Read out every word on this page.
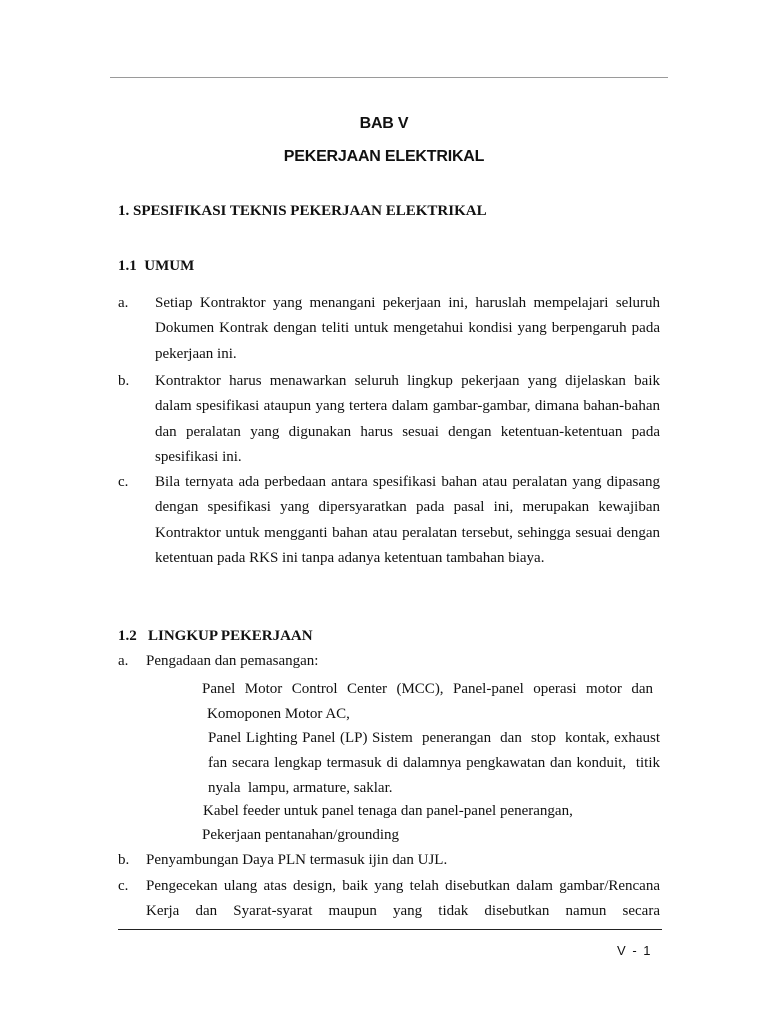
BAB V
PEKERJAAN ELEKTRIKAL
1. SPESIFIKASI TEKNIS PEKERJAAN ELEKTRIKAL
1.1  UMUM
a. Setiap Kontraktor yang menangani pekerjaan ini, haruslah mempelajari seluruh Dokumen Kontrak dengan teliti untuk mengetahui kondisi yang berpengaruh pada pekerjaan ini.
b. Kontraktor harus menawarkan seluruh lingkup pekerjaan yang dijelaskan baik dalam spesifikasi ataupun yang tertera dalam gambar-gambar, dimana bahan-bahan dan peralatan yang digunakan harus sesuai dengan ketentuan-ketentuan pada spesifikasi ini.
c. Bila ternyata ada perbedaan antara spesifikasi bahan atau peralatan yang dipasang dengan spesifikasi yang dipersyaratkan pada pasal ini, merupakan kewajiban Kontraktor untuk mengganti bahan atau peralatan tersebut, sehingga sesuai dengan ketentuan pada RKS ini tanpa adanya ketentuan tambahan biaya.
1.2   LINGKUP PEKERJAAN
a. Pengadaan dan pemasangan:
Panel Motor Control Center (MCC), Panel-panel operasi motor dan Komoponen Motor AC,
Panel Lighting Panel (LP) Sistem  penerangan  dan  stop  kontak, exhaust fan secara lengkap termasuk di dalamnya pengkawatan dan konduit,  titik  nyala  lampu, armature, saklar.
Kabel feeder untuk panel tenaga dan panel-panel penerangan,
Pekerjaan pentanahan/grounding
b. Penyambungan Daya PLN termasuk ijin dan UJL.
c. Pengecekan ulang atas design, baik yang telah disebutkan dalam gambar/Rencana Kerja dan Syarat-syarat maupun yang tidak disebutkan namun secara
V - 1
